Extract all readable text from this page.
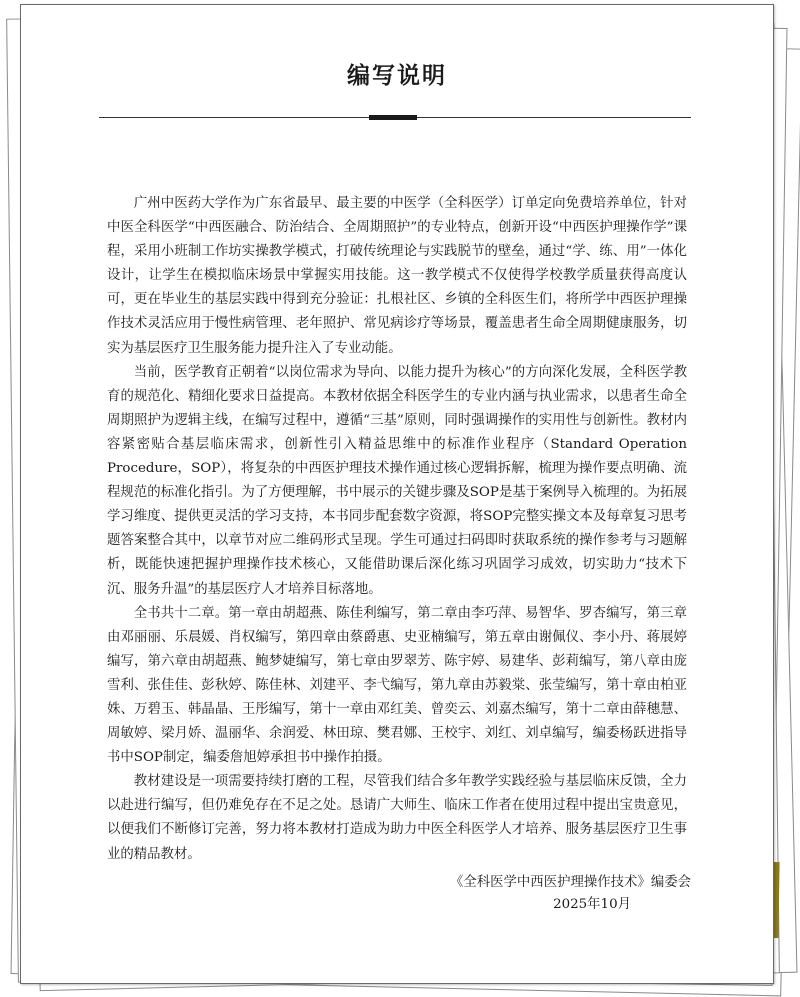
编写说明

广州中医药大学作为广东省最早、最主要的中医学（全科医学）订单定向免费培养单位，针对中医全科医学“中西医融合、防治结合、全周期照护”的专业特点，创新开设“中西医护理操作学”课程，采用小班制工作坊实操教学模式，打破传统理论与实践脱节的壁垒，通过“学、练、用”一体化设计，让学生在模拟临床场景中掌握实用技能。这一教学模式不仅使得学校教学质量获得高度认可，更在毕业生的基层实践中得到充分验证：扎根社区、乡镇的全科医生们，将所学中西医护理操作技术灵活应用于慢性病管理、老年照护、常见病诊疗等场景，覆盖患者生命全周期健康服务，切实为基层医疗卫生服务能力提升注入了专业动能。

当前，医学教育正朝着“以岗位需求为导向、以能力提升为核心”的方向深化发展，全科医学教育的规范化、精细化要求日益提高。本教材依据全科医学生的专业内涵与执业需求，以患者生命全周期照护为逻辑主线，在编写过程中，遵循“三基”原则，同时强调操作的实用性与创新性。教材内容紧密贴合基层临床需求，创新性引入精益思维中的标准作业程序（Standard Operation Procedure，SOP），将复杂的中西医护理技术操作通过核心逻辑拆解，梳理为操作要点明确、流程规范的标准化指引。为了方便理解，书中展示的关键步骤及SOP是基于案例导入梳理的。为拓展学习维度、提供更灵活的学习支持，本书同步配套数字资源，将SOP完整实操文本及每章复习思考题答案整合其中，以章节对应二维码形式呈现。学生可通过扫码即时获取系统的操作参考与习题解析，既能快速把握护理操作技术核心，又能借助课后深化练习巩固学习成效，切实助力“技术下沉、服务升温”的基层医疗人才培养目标落地。

全书共十二章。第一章由胡超燕、陈佳利编写，第二章由李巧萍、易智华、罗杏编写，第三章由邓丽丽、乐晨媛、肖权编写，第四章由蔡爵惠、史亚楠编写，第五章由谢佩仪、李小丹、蒋展婷编写，第六章由胡超燕、鲍梦婕编写，第七章由罗翠芳、陈宇婷、易建华、彭莉编写，第八章由庞雪利、张佳佳、彭秋婷、陈佳林、刘建平、李弋编写，第九章由苏毅棠、张莹编写，第十章由柏亚姝、万碧玉、韩晶晶、王彤编写，第十一章由邓红美、曾奕云、刘嘉杰编写，第十二章由薛穗慧、周敏婷、梁月娇、温丽华、余润爱、林田琼、樊君娜、王校宇、刘红、刘卓编写，编委杨跃进指导书中SOP制定，编委詹旭婷承担书中操作拍摄。

教材建设是一项需要持续打磨的工程，尽管我们结合多年教学实践经验与基层临床反馈，全力以赴进行编写，但仍难免存在不足之处。恳请广大师生、临床工作者在使用过程中提出宝贵意见，以便我们不断修订完善，努力将本教材打造成为助力中医全科医学人才培养、服务基层医疗卫生事业的精品教材。

《全科医学中西医护理操作技术》编委会
2025年10月
